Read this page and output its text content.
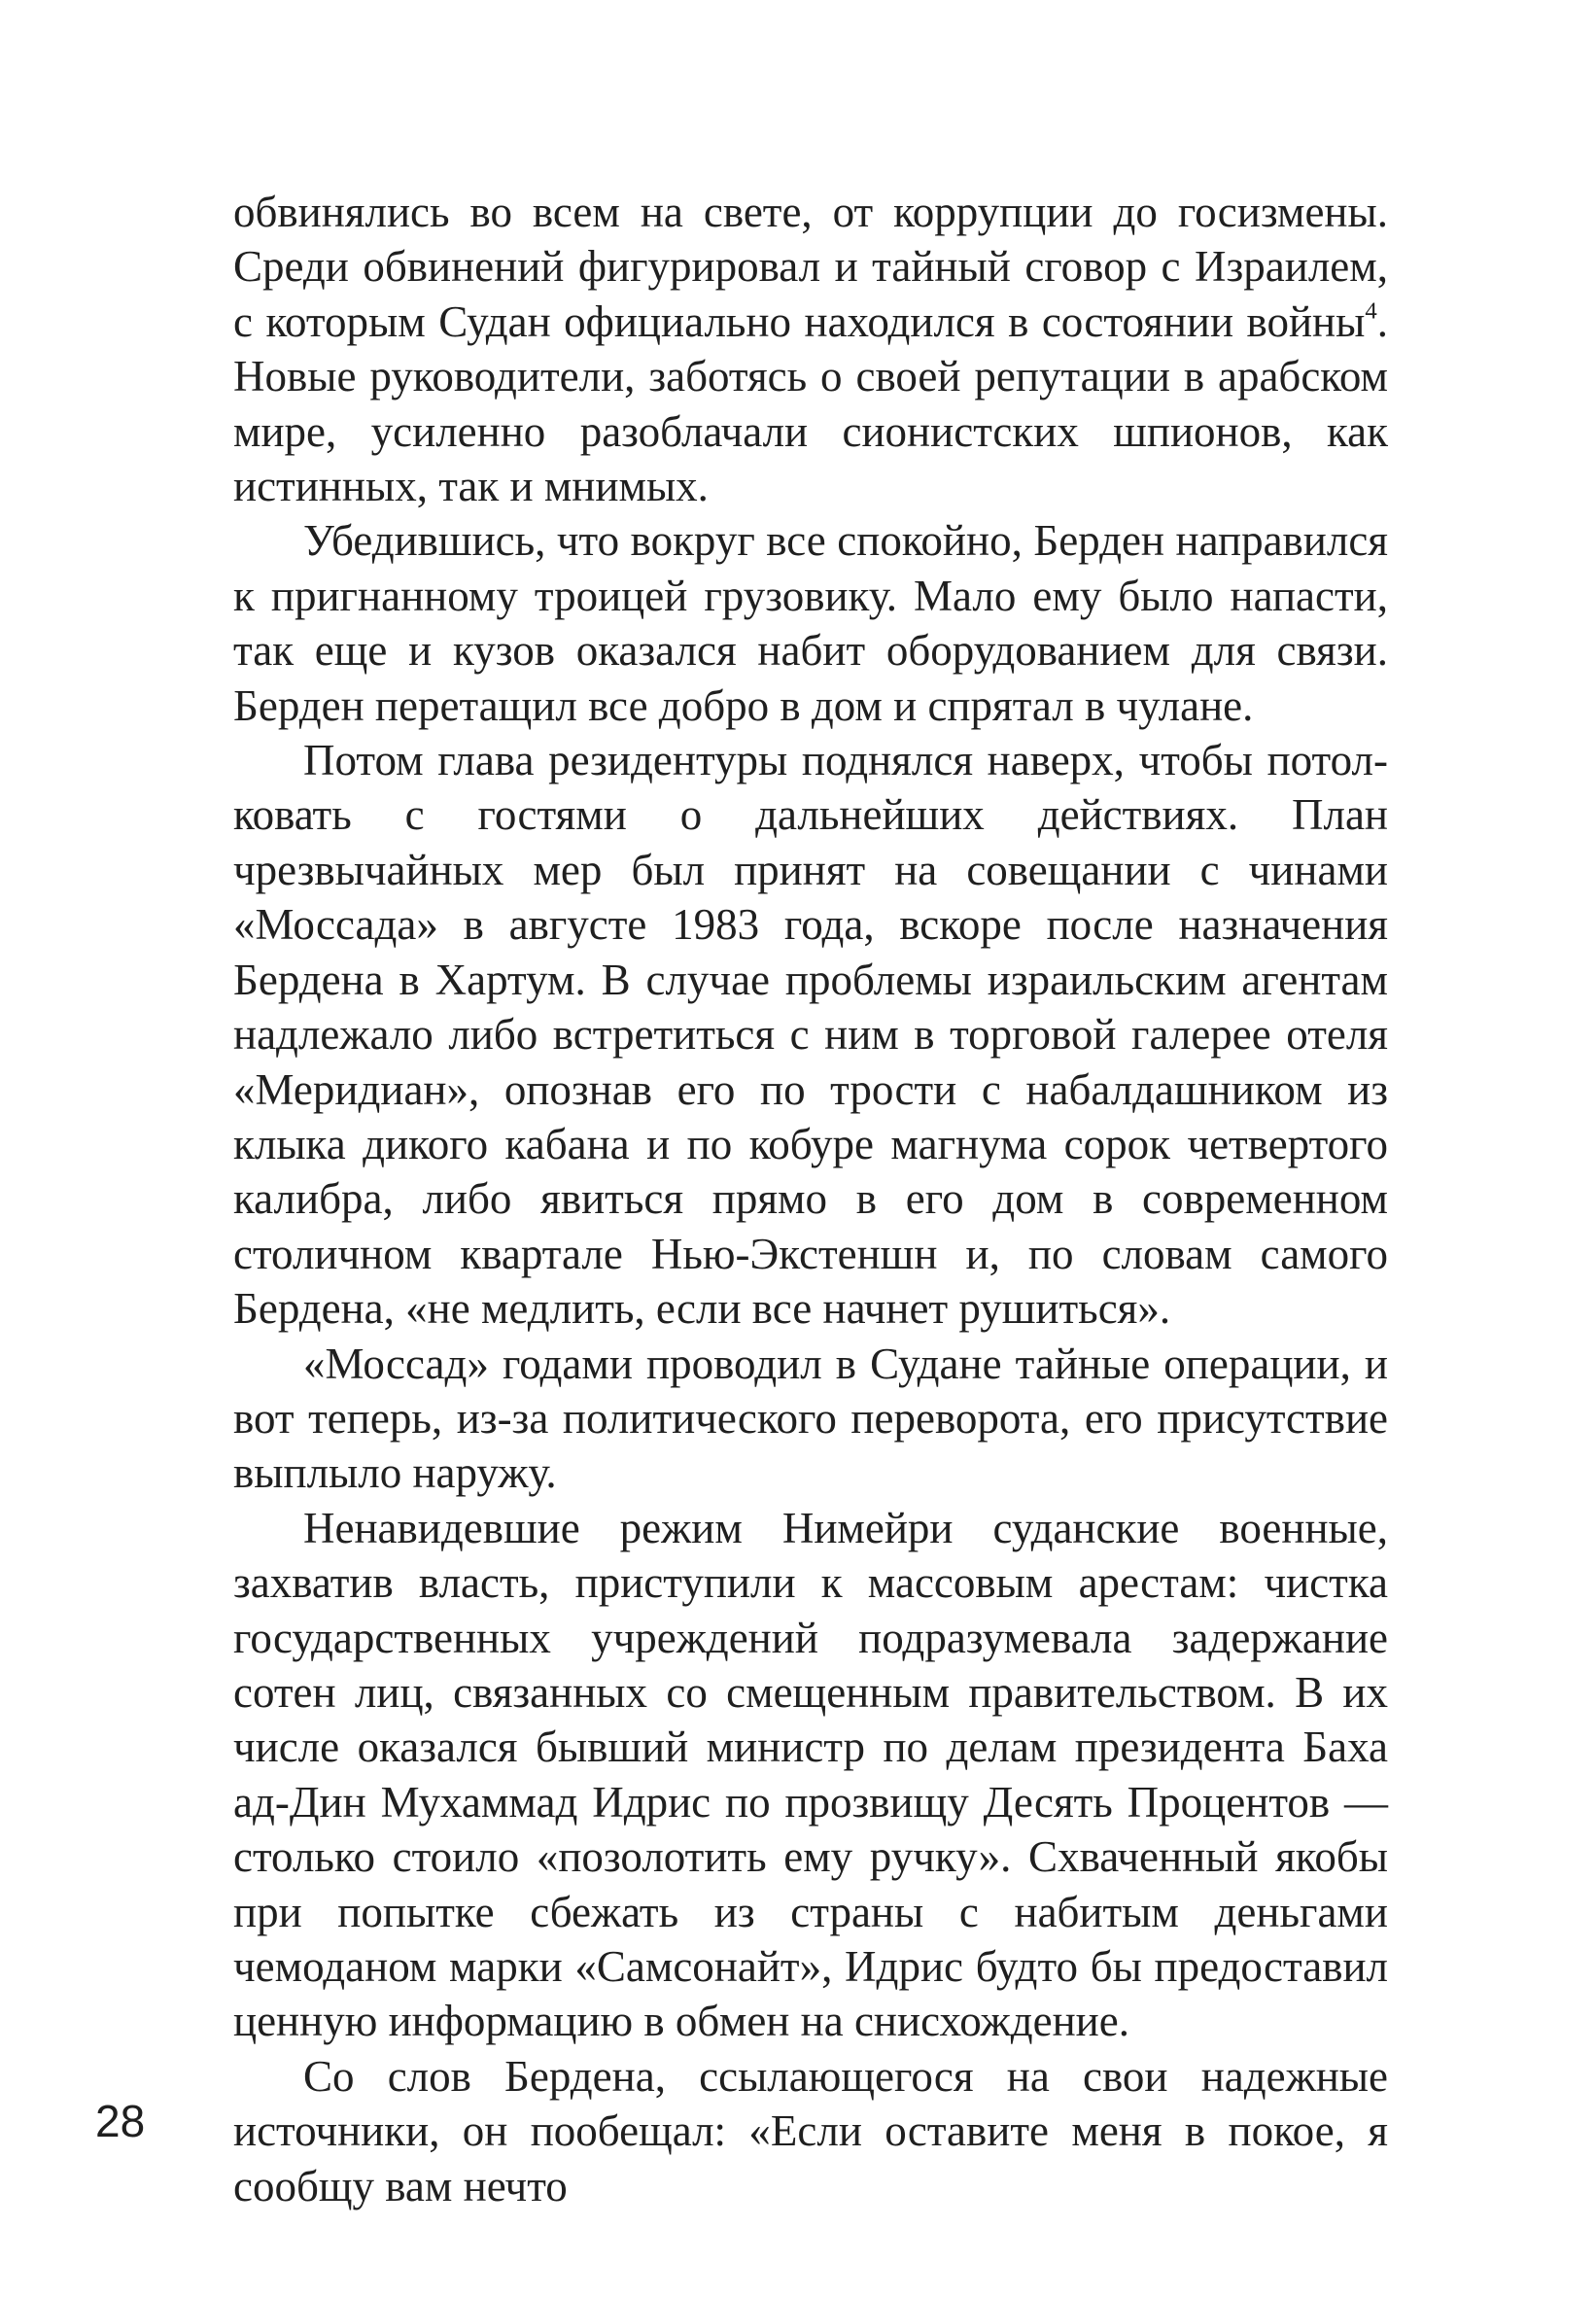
обвинялись во всем на свете, от коррупции до госизмены. Среди обвинений фигурировал и тайный сговор с Израилем, с которым Судан официально находился в состоянии войны$^4$. Новые руководители, заботясь о своей репутации в арабском мире, усиленно разоблачали сионистских шпионов, как истинных, так и мнимых.

Убедившись, что вокруг все спокойно, Берден направился к пригнанному троицей грузовику. Мало ему было напасти, так еще и кузов оказался набит оборудованием для связи. Берден перетащил все добро в дом и спрятал в чулане.

Потом глава резидентуры поднялся наверх, чтобы потолковать с гостями о дальнейших действиях. План чрезвычайных мер был принят на совещании с чинами «Моссада» в августе 1983 года, вскоре после назначения Бердена в Хартум. В случае проблемы израильским агентам надлежало либо встретиться с ним в торговой галерее отеля «Меридиан», опознав его по трости с набалдашником из клыка дикого кабана и по кобуре магнума сорок четвертого калибра, либо явиться прямо в его дом в современном столичном квартале Нью-Экстеншн и, по словам самого Бердена, «не медлить, если все начнет рушиться».

«Моссад» годами проводил в Судане тайные операции, и вот теперь, из-за политического переворота, его присутствие выплыло наружу.

Ненавидевшие режим Нимейри суданские военные, захватив власть, приступили к массовым арестам: чистка государственных учреждений подразумевала задержание сотен лиц, связанных со смещенным правительством. В их числе оказался бывший министр по делам президента Баха ад-Дин Мухаммад Идрис по прозвищу Десять Процентов — столько стоило «позолотить ему ручку». Схваченный якобы при попытке сбежать из страны с набитым деньгами чемоданом марки «Самсонайт», Идрис будто бы предоставил ценную информацию в обмен на снисхождение.

Со слов Бердена, ссылающегося на свои надежные источники, он пообещал: «Если оставите меня в покое, я сообщу вам нечто

28
